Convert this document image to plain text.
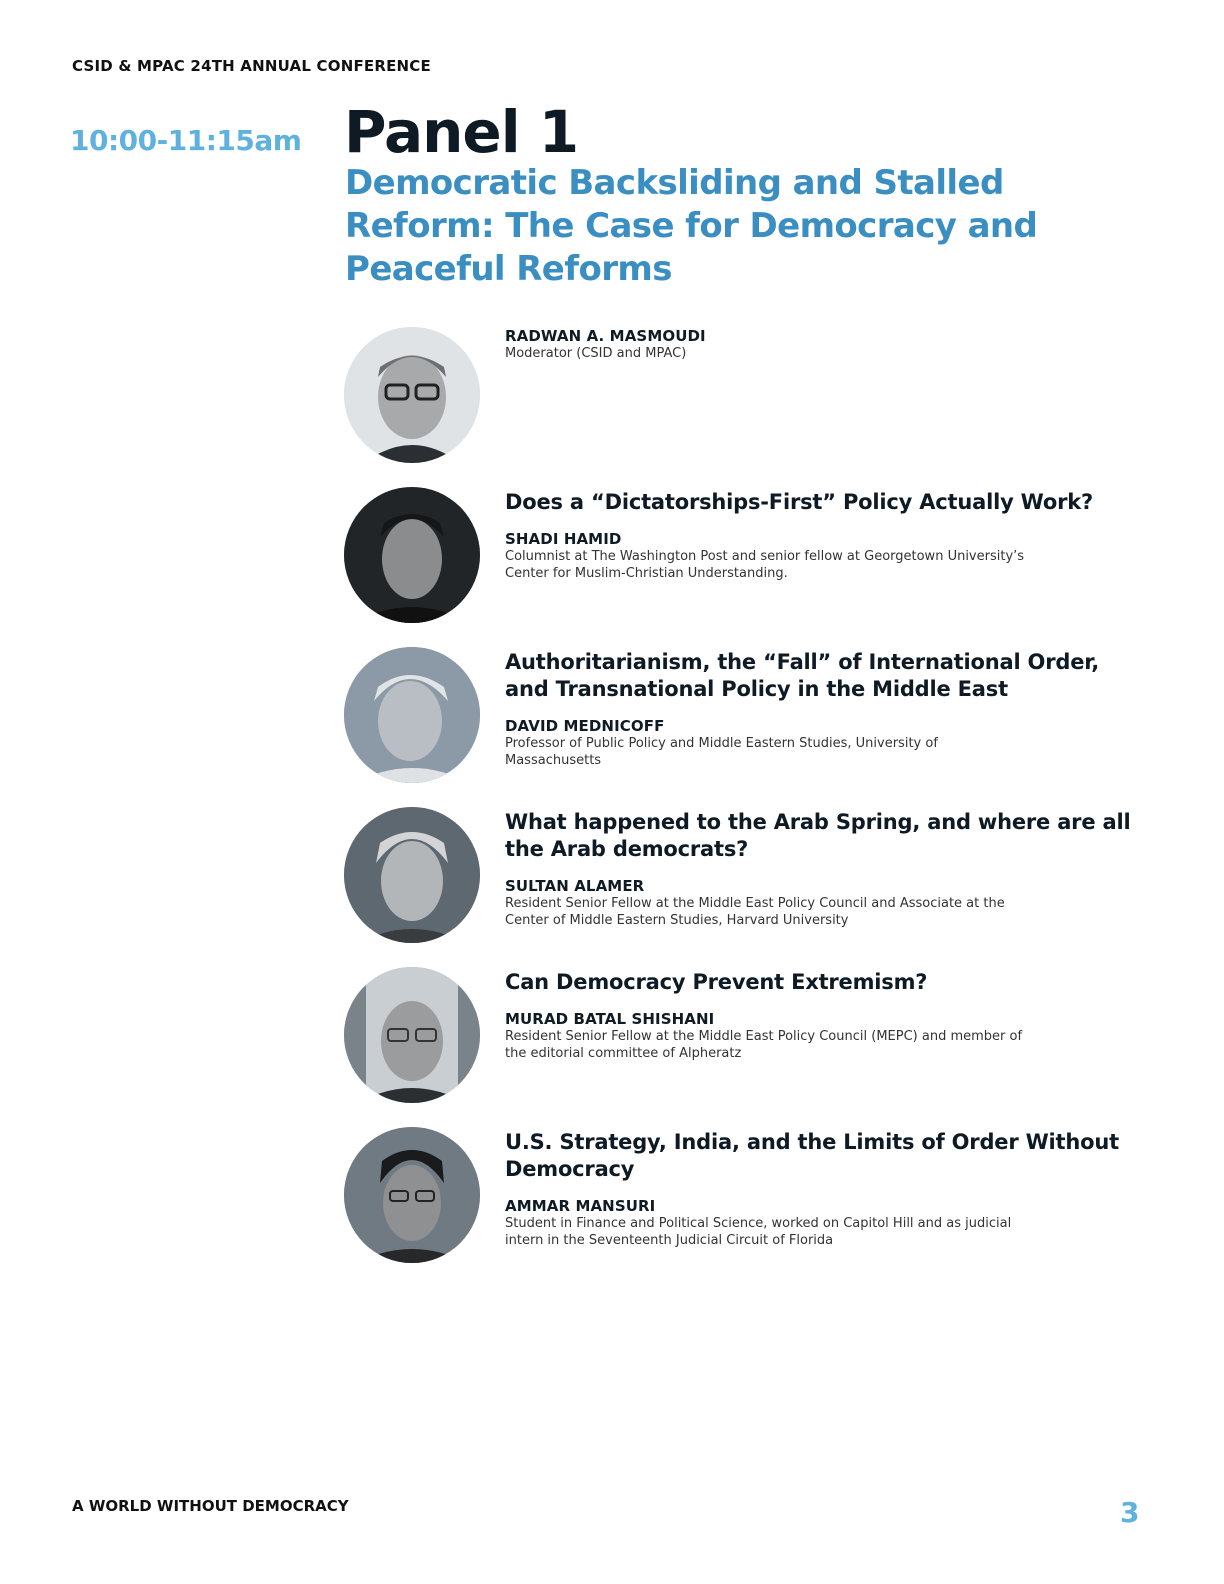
CSID & MPAC 24TH ANNUAL CONFERENCE
10:00-11:15am Panel 1
Democratic Backsliding and Stalled Reform: The Case for Democracy and Peaceful Reforms
RADWAN A. MASMOUDI
Moderator (CSID and MPAC)
Does a “Dictatorships-First” Policy Actually Work?
SHADI HAMID
Columnist at The Washington Post and senior fellow at Georgetown University’s Center for Muslim-Christian Understanding.
Authoritarianism, the “Fall” of International Order, and Transnational Policy in the Middle East
DAVID MEDNICOFF
Professor of Public Policy and Middle Eastern Studies, University of Massachusetts
What happened to the Arab Spring, and where are all the Arab democrats?
SULTAN ALAMER
Resident Senior Fellow at the Middle East Policy Council and Associate at the Center of Middle Eastern Studies, Harvard University
Can Democracy Prevent Extremism?
MURAD BATAL SHISHANI
Resident Senior Fellow at the Middle East Policy Council (MEPC) and member of the editorial committee of Alpheratz
U.S. Strategy, India, and the Limits of Order Without Democracy
AMMAR MANSURI
Student in Finance and Political Science, worked on Capitol Hill and as judicial intern in the Seventeenth Judicial Circuit of Florida
A WORLD WITHOUT DEMOCRACY	3
